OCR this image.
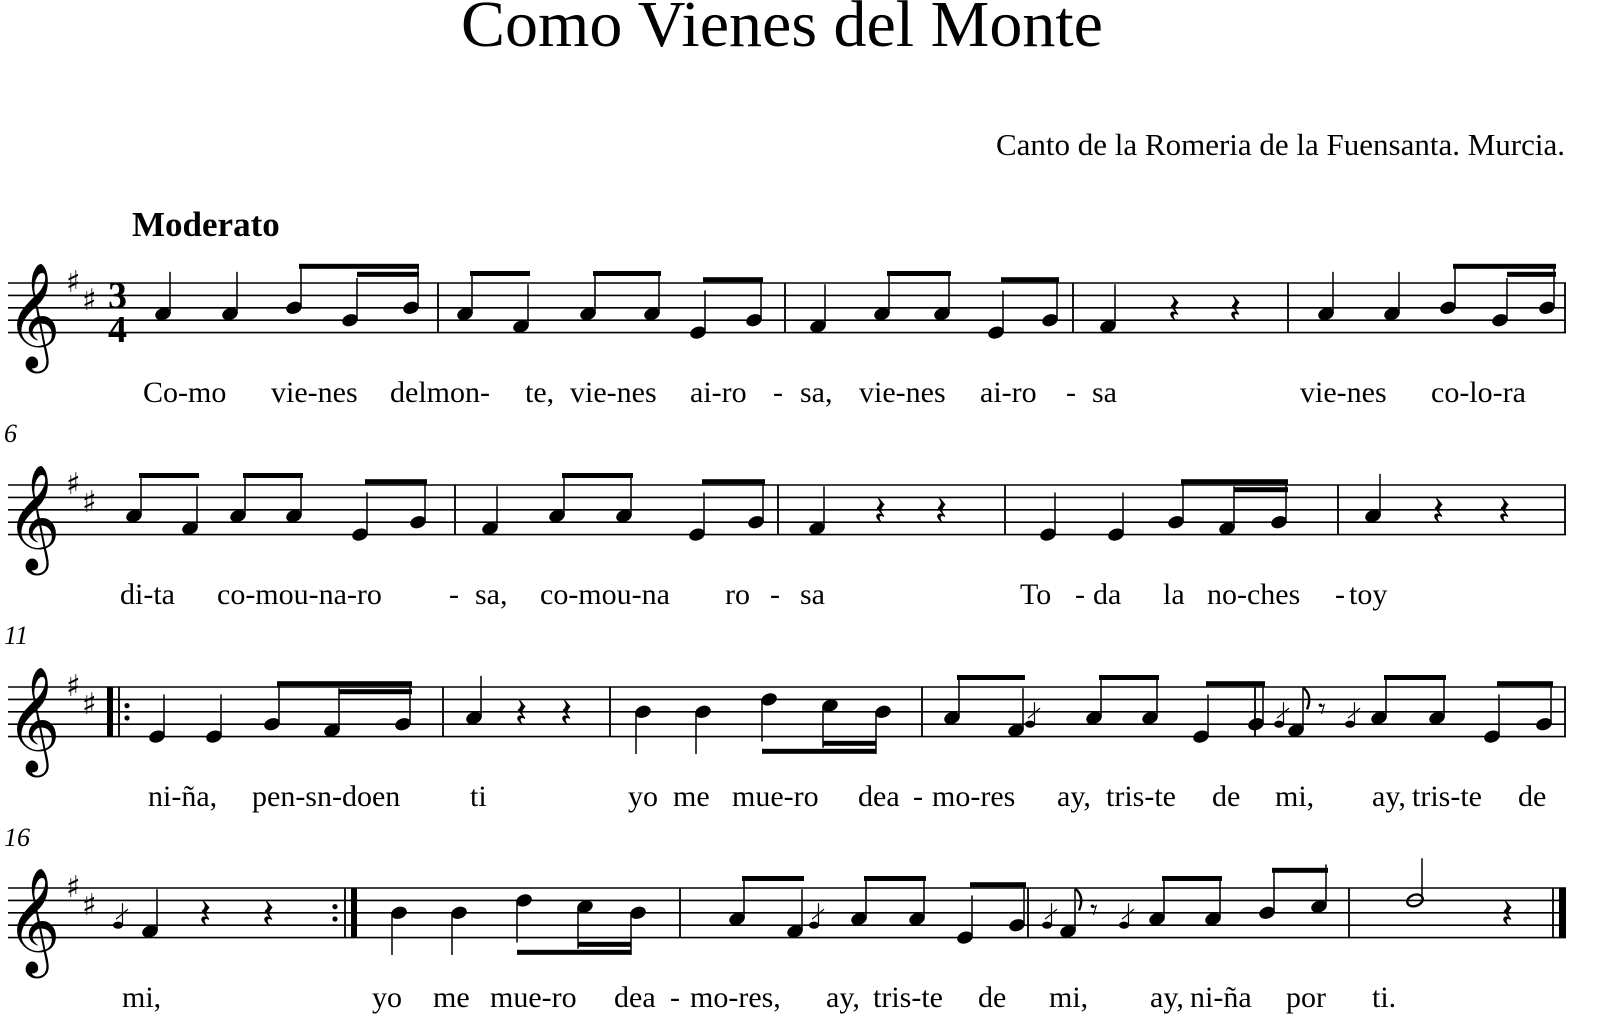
Como Vienes del Monte
Canto de la Romeria de la Fuensanta. Murcia.
Moderato
6
11
16
𝄞 ♯
♯
𝄞 ♯
♯
𝄞 ♯
♯
𝄞 ♯
♯
3
4	𝄽 𝄽
𝄽 𝄽	𝄽 𝄽
𝄽 𝄽	𝄾
𝄽 𝄽	𝄾	𝄽
Co-mo vie-nes delmon- te, vie-nes ai-ro - sa, vie-nes ai-ro - sa	vie-nes co-lo-ra
di-ta co-mou-na-ro - sa, co-mou-na ro - sa	To - da la no-ches - toy
ni-ña, pen-sn-doen ti	yo me mue-ro dea - mo-res ay, tris-te de mi, ay, tris-te de
mi,	yo me mue-ro dea - mo-res, ay, tris-te de mi, ay, ni-ña por ti.
